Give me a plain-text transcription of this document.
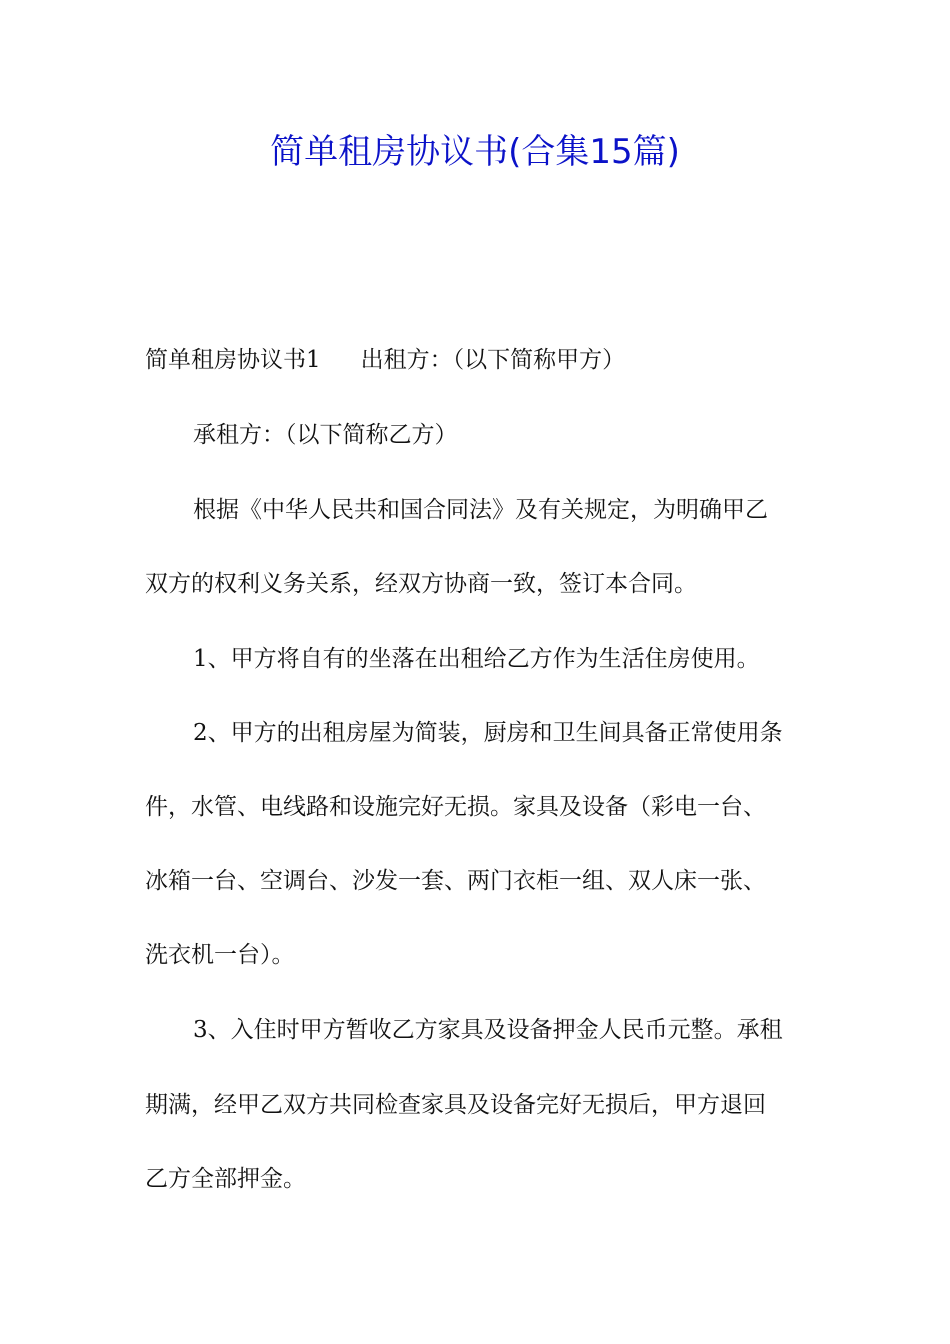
简单租房协议书(合集15篇)
简单租房协议书1 出租方：（以下简称甲方）
承租方：（以下简称乙方）
根据《中华人民共和国合同法》及有关规定，为明确甲乙
双方的权利义务关系，经双方协商一致，签订本合同。
1、甲方将自有的坐落在出租给乙方作为生活住房使用。
2、甲方的出租房屋为简装，厨房和卫生间具备正常使用条
件，水管、电线路和设施完好无损。家具及设备（彩电一台、
冰箱一台、空调台、沙发一套、两门衣柜一组、双人床一张、
洗衣机一台）。
3、入住时甲方暂收乙方家具及设备押金人民币元整。承租
期满，经甲乙双方共同检查家具及设备完好无损后，甲方退回
乙方全部押金。
